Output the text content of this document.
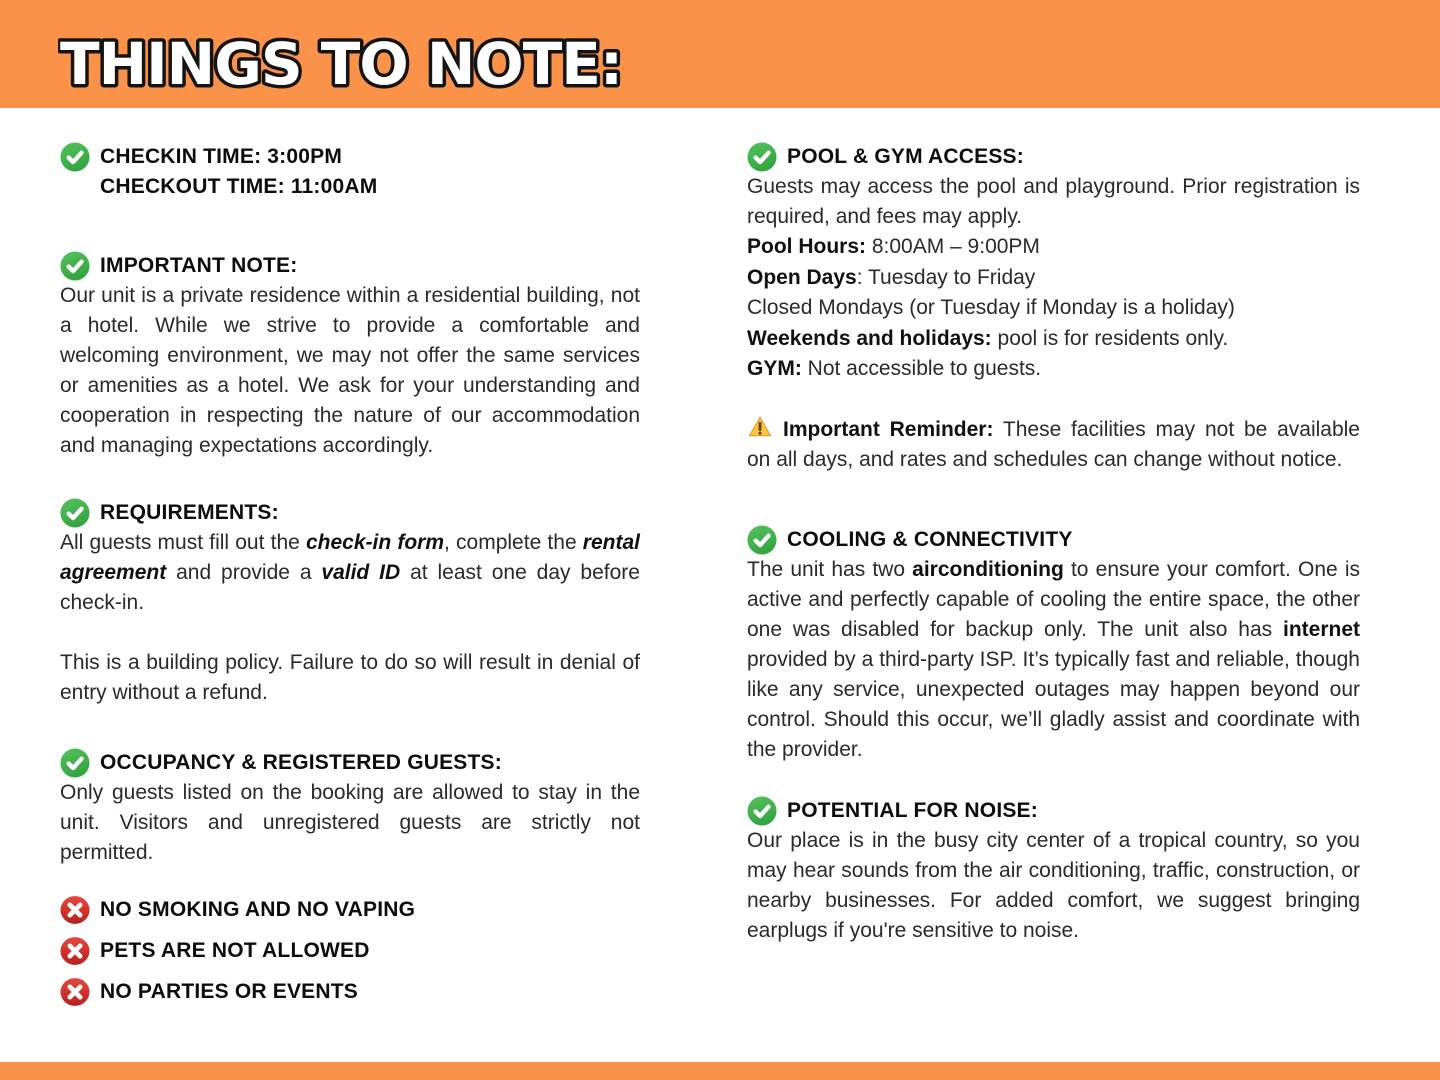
THINGS TO NOTE:
CHECKIN TIME: 3:00PM
CHECKOUT TIME: 11:00AM
IMPORTANT NOTE:

Our unit is a private residence within a residential building, not a hotel. While we strive to provide a comfortable and welcoming environment, we may not offer the same services or amenities as a hotel. We ask for your understanding and cooperation in respecting the nature of our accommodation and managing expectations accordingly.

REQUIREMENTS:

All guests must fill out the check-in form, complete the rental agreement and provide a valid ID at least one day before check-in.

This is a building policy. Failure to do so will result in denial of entry without a refund.

OCCUPANCY & REGISTERED GUESTS:

Only guests listed on the booking are allowed to stay in the unit. Visitors and unregistered guests are strictly not permitted.

NO SMOKING AND NO VAPING
PETS ARE NOT ALLOWED
NO PARTIES OR EVENTS
POOL & GYM ACCESS:

Guests may access the pool and playground. Prior registration is required, and fees may apply.

Pool Hours: 8:00AM – 9:00PM

Open Days: Tuesday to Friday

Closed Mondays (or Tuesday if Monday is a holiday)

Weekends and holidays: pool is for residents only.

GYM: Not accessible to guests.

Important Reminder: These facilities may not be available on all days, and rates and schedules can change without notice.

COOLING & CONNECTIVITY

The unit has two airconditioning to ensure your comfort. One is active and perfectly capable of cooling the entire space, the other one was disabled for backup only. The unit also has internet provided by a third-party ISP. It’s typically fast and reliable, though like any service, unexpected outages may happen beyond our control. Should this occur, we’ll gladly assist and coordinate with the provider.

POTENTIAL FOR NOISE:

Our place is in the busy city center of a tropical country, so you may hear sounds from the air conditioning, traffic, construction, or nearby businesses. For added comfort, we suggest bringing earplugs if you're sensitive to noise.
